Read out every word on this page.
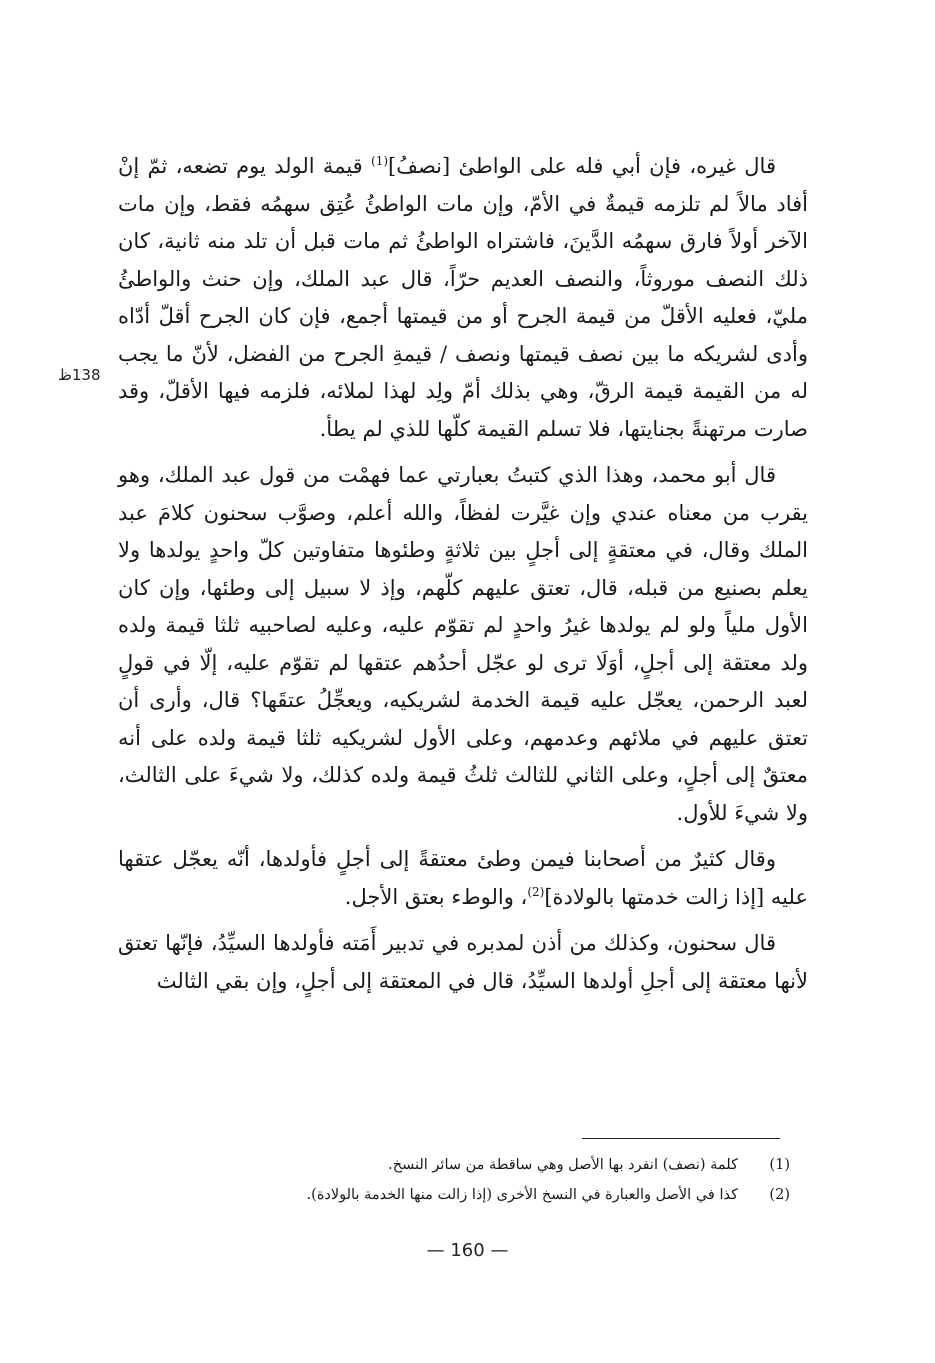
138ظ

قال غيره، فإن أبي فله على الواطئ [نصفُ]$^{(1)}$ قيمة الولد يوم تضعه، ثمّ إنْ أفاد مالاً لم تلزمه قيمةٌ في الأمّ، وإن مات الواطئُ عُتِق سهمُه فقط، وإن مات الآخر أولاً فارق سهمُه الدَّينَ، فاشتراه الواطئُ ثم مات قبل أن تلد منه ثانية، كان ذلك النصف موروثاً، والنصف العديم حرّاً، قال عبد الملك، وإن حنث والواطئُ مليّ، فعليه الأقلّ من قيمة الجرح أو من قيمتها أجمع، فإن كان الجرح أقلّ أدّاه وأدى لشريكه ما بين نصف قيمتها ونصف / قيمةِ الجرح من الفضل، لأنّ ما يجب له من القيمة قيمة الرقّ، وهي بذلك أمّ ولِد لهذا لملائه، فلزمه فيها الأقلّ، وقد صارت مرتهنةً بجنايتها، فلا تسلم القيمة كلّها للذي لم يطأ.

قال أبو محمد، وهذا الذي كتبتُ بعبارتي عما فهمْت من قول عبد الملك، وهو يقرب من معناه عندي وإن غيَّرت لفظاً، والله أعلم، وصوَّب سحنون كلامَ عبد الملك وقال، في معتقةٍ إلى أجلٍ بين ثلاثةٍ وطئوها متفاوتين كلّ واحدٍ يولدها ولا يعلم بصنيع من قبله، قال، تعتق عليهم كلّهم، وإذ لا سبيل إلى وطئها، وإن كان الأول ملياً ولو لم يولدها غيرُ واحدٍ لم تقوّم عليه، وعليه لصاحبيه ثلثا قيمة ولده ولد معتقة إلى أجلٍ، أوَلَا ترى لو عجّل أحدُهم عتقها لم تقوّم عليه، إلّا في قولٍ لعبد الرحمن، يعجّل عليه قيمة الخدمة لشريكيه، ويعجِّلُ عتقَها؟ قال، وأرى أن تعتق عليهم في ملائهم وعدمهم، وعلى الأول لشريكيه ثلثا قيمة ولده على أنه معتقٌ إلى أجلٍ، وعلى الثاني للثالث ثلثُ قيمة ولده كذلك، ولا شيءَ على الثالث، ولا شيءَ للأول.

وقال كثيرٌ من أصحابنا فيمن وطئ معتقةً إلى أجلٍ فأولدها، أنّه يعجّل عتقها عليه [إذا زالت خدمتها بالولادة]$^{(2)}$، والوطء بعتق الأجل.

قال سحنون، وكذلك من أذن لمدبره في تدبير أَمَته فأولدها السيِّدُ، فإنّها تعتق لأنها معتقة إلى أجلِ أولدها السيِّدُ، قال في المعتقة إلى أجلٍ، وإن بقي الثالث

(1)
كلمة (نصف) انفرد بها الأصل وهي ساقطة من سائر النسخ.
(2)
كذا في الأصل والعبارة في النسخ الأخرى (إذا زالت منها الخدمة بالولادة).
— 160 —
